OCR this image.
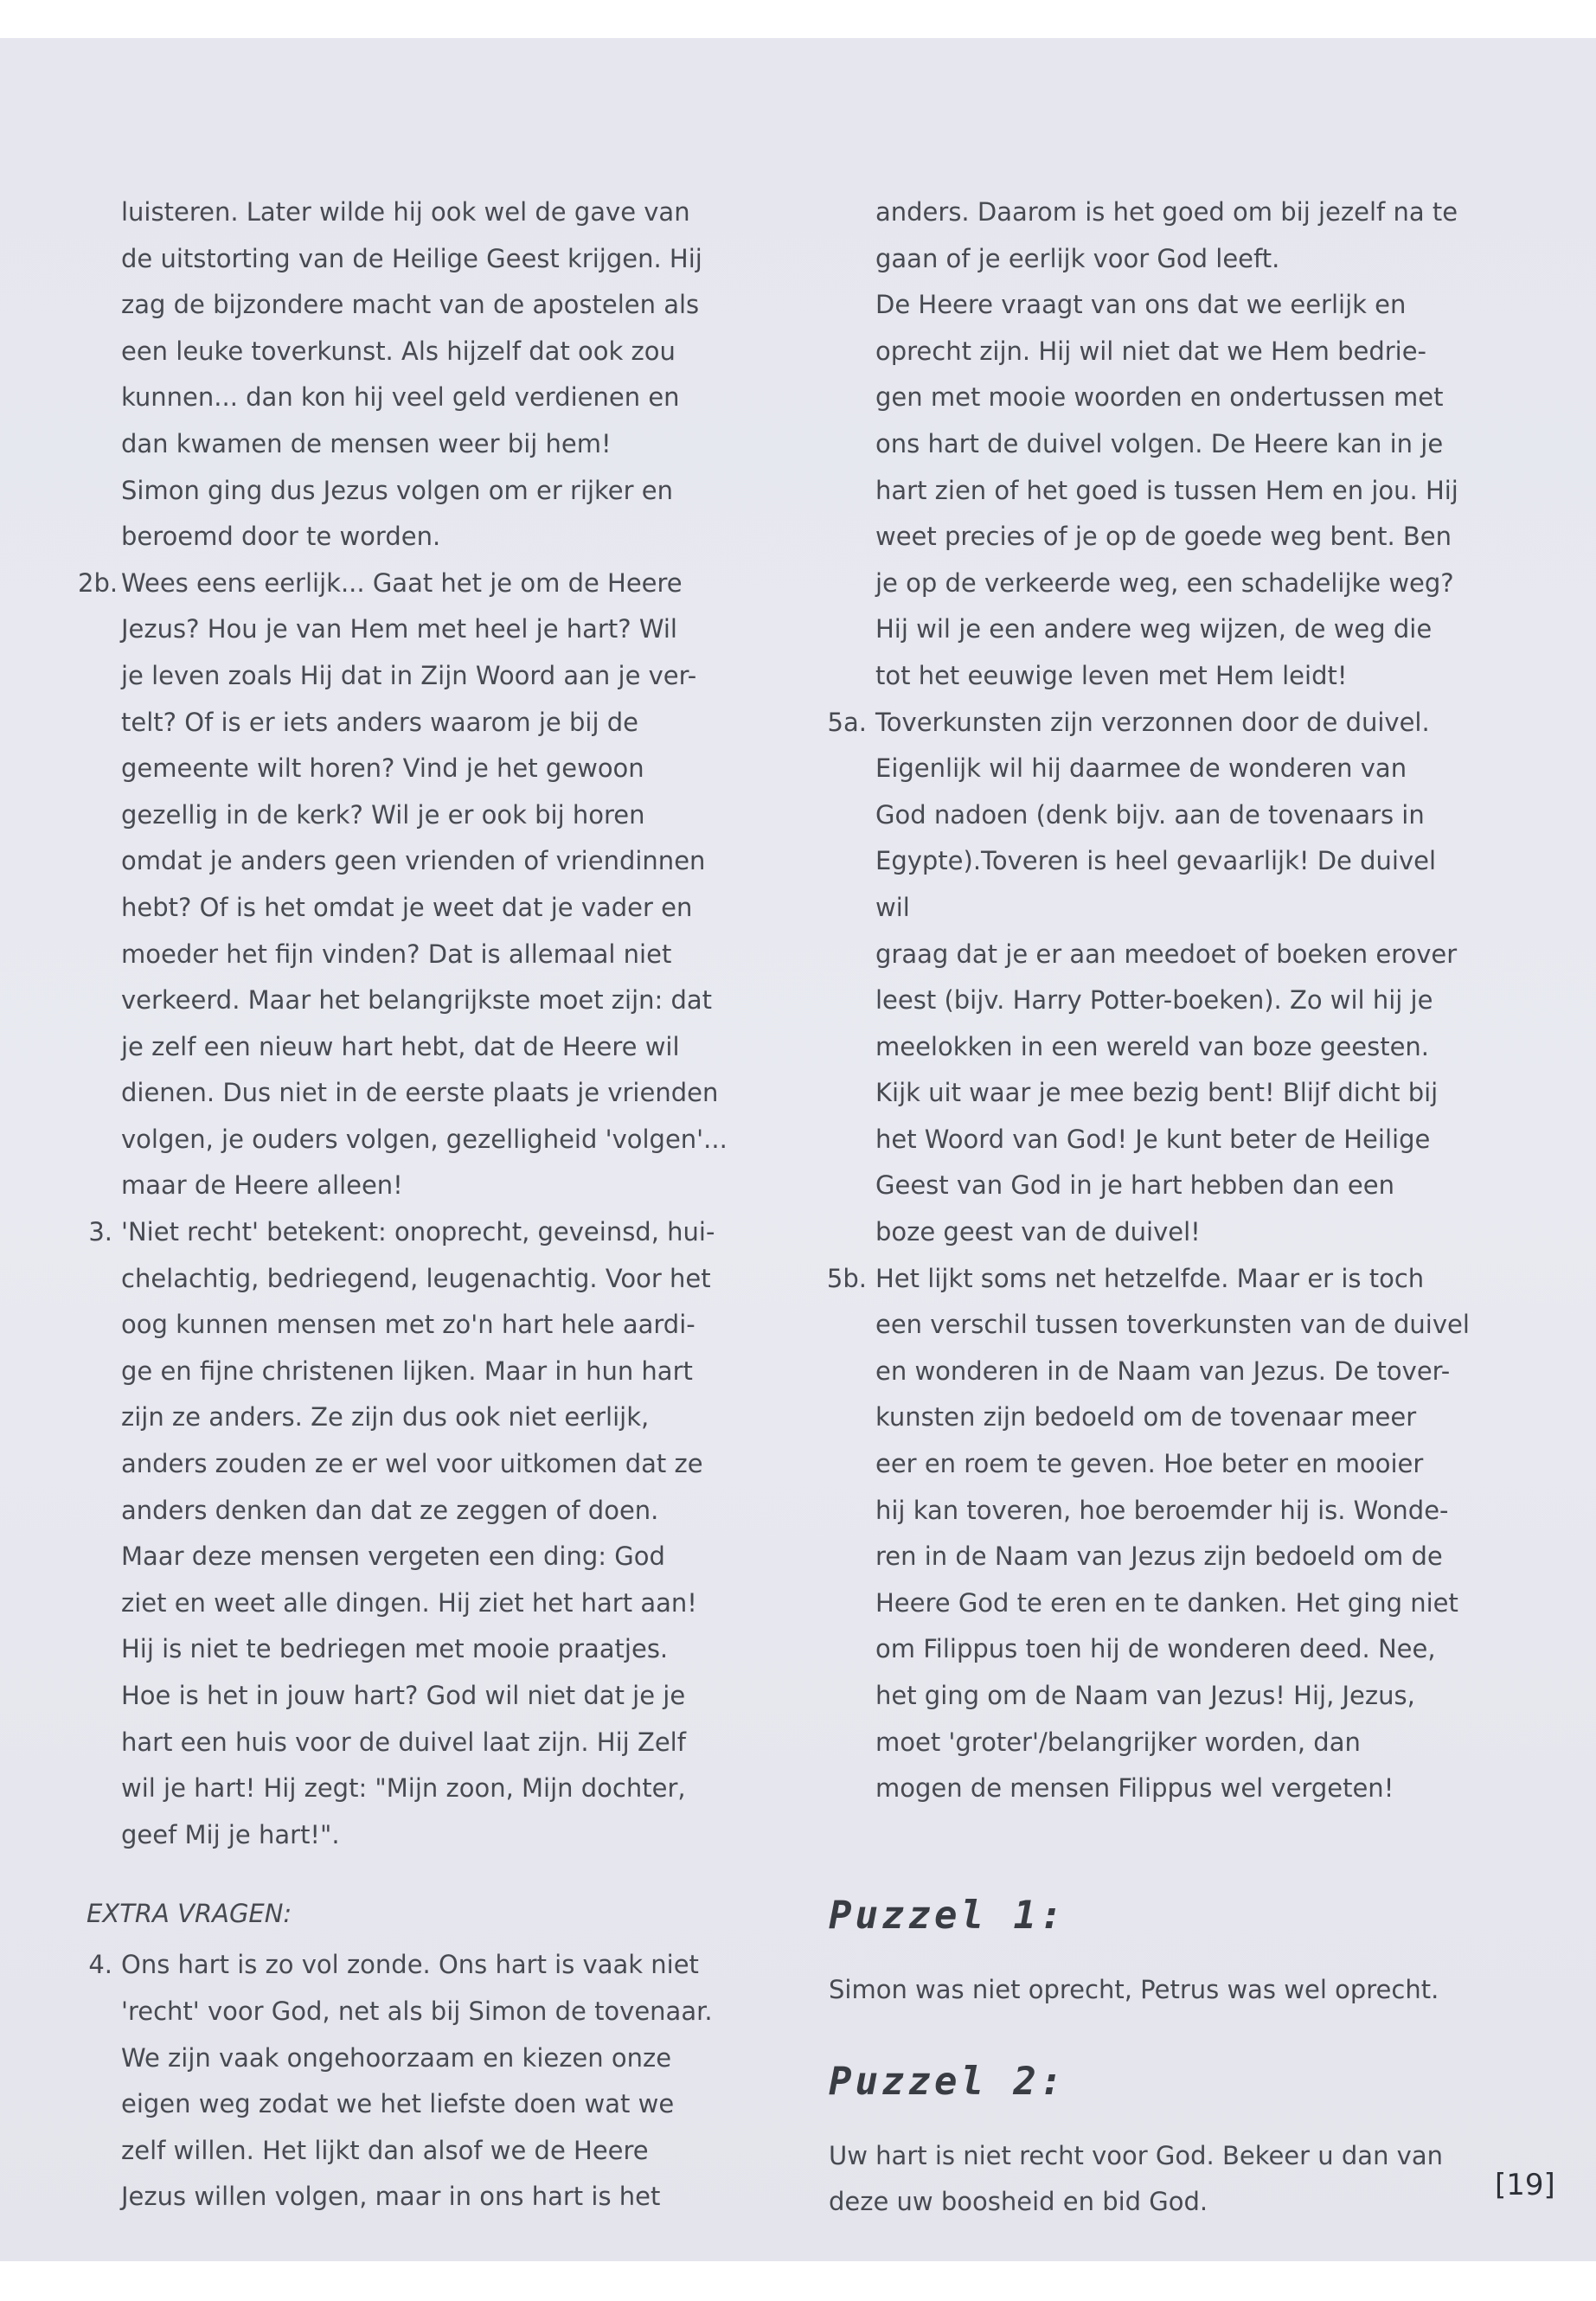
luisteren. Later wilde hij ook wel de gave van

de uitstorting van de Heilige Geest krijgen. Hij

zag de bijzondere macht van de apostelen als

een leuke toverkunst. Als hijzelf dat ook zou

kunnen... dan kon hij veel geld verdienen en

dan kwamen de mensen weer bij hem!

Simon ging dus Jezus volgen om er rijker en

beroemd door te worden.

2b. Wees eens eerlijk... Gaat het je om de Heere

Jezus? Hou je van Hem met heel je hart? Wil

je leven zoals Hij dat in Zijn Woord aan je ver-

telt? Of is er iets anders waarom je bij de

gemeente wilt horen? Vind je het gewoon

gezellig in de kerk? Wil je er ook bij horen

omdat je anders geen vrienden of vriendinnen

hebt? Of is het omdat je weet dat je vader en

moeder het fijn vinden? Dat is allemaal niet

verkeerd. Maar het belangrijkste moet zijn: dat

je zelf een nieuw hart hebt, dat de Heere wil

dienen. Dus niet in de eerste plaats je vrienden

volgen, je ouders volgen, gezelligheid 'volgen'...

maar de Heere alleen!

3. 'Niet recht' betekent: onoprecht, geveinsd, hui-

chelachtig, bedriegend, leugenachtig. Voor het

oog kunnen mensen met zo'n hart hele aardi-

ge en fijne christenen lijken. Maar in hun hart

zijn ze anders. Ze zijn dus ook niet eerlijk,

anders zouden ze er wel voor uitkomen dat ze

anders denken dan dat ze zeggen of doen.

Maar deze mensen vergeten een ding: God

ziet en weet alle dingen. Hij ziet het hart aan!

Hij is niet te bedriegen met mooie praatjes.

Hoe is het in jouw hart? God wil niet dat je je

hart een huis voor de duivel laat zijn. Hij Zelf

wil je hart! Hij zegt: "Mijn zoon, Mijn dochter,

geef Mij je hart!".

EXTRA VRAGEN:
4. Ons hart is zo vol zonde. Ons hart is vaak niet

'recht' voor God, net als bij Simon de tovenaar.

We zijn vaak ongehoorzaam en kiezen onze

eigen weg zodat we het liefste doen wat we

zelf willen. Het lijkt dan alsof we de Heere

Jezus willen volgen, maar in ons hart is het

anders. Daarom is het goed om bij jezelf na te

gaan of je eerlijk voor God leeft.

De Heere vraagt van ons dat we eerlijk en

oprecht zijn. Hij wil niet dat we Hem bedrie-

gen met mooie woorden en ondertussen met

ons hart de duivel volgen. De Heere kan in je

hart zien of het goed is tussen Hem en jou. Hij

weet precies of je op de goede weg bent. Ben

je op de verkeerde weg, een schadelijke weg?

Hij wil je een andere weg wijzen, de weg die

tot het eeuwige leven met Hem leidt!

5a. Toverkunsten zijn verzonnen door de duivel.

Eigenlijk wil hij daarmee de wonderen van

God nadoen (denk bijv. aan de tovenaars in

Egypte).Toveren is heel gevaarlijk! De duivel wil

graag dat je er aan meedoet of boeken erover

leest (bijv. Harry Potter-boeken). Zo wil hij je

meelokken in een wereld van boze geesten.

Kijk uit waar je mee bezig bent! Blijf dicht bij

het Woord van God! Je kunt beter de Heilige

Geest van God in je hart hebben dan een

boze geest van de duivel!

5b. Het lijkt soms net hetzelfde. Maar er is toch

een verschil tussen toverkunsten van de duivel

en wonderen in de Naam van Jezus. De tover-

kunsten zijn bedoeld om de tovenaar meer

eer en roem te geven. Hoe beter en mooier

hij kan toveren, hoe beroemder hij is. Wonde-

ren in de Naam van Jezus zijn bedoeld om de

Heere God te eren en te danken. Het ging niet

om Filippus toen hij de wonderen deed. Nee,

het ging om de Naam van Jezus! Hij, Jezus,

moet 'groter'/belangrijker worden, dan

mogen de mensen Filippus wel vergeten!

Puzzel 1:
Simon was niet oprecht, Petrus was wel oprecht.
Puzzel 2:
Uw hart is niet recht voor God. Bekeer u dan van
deze uw boosheid en bid God.	[19]
